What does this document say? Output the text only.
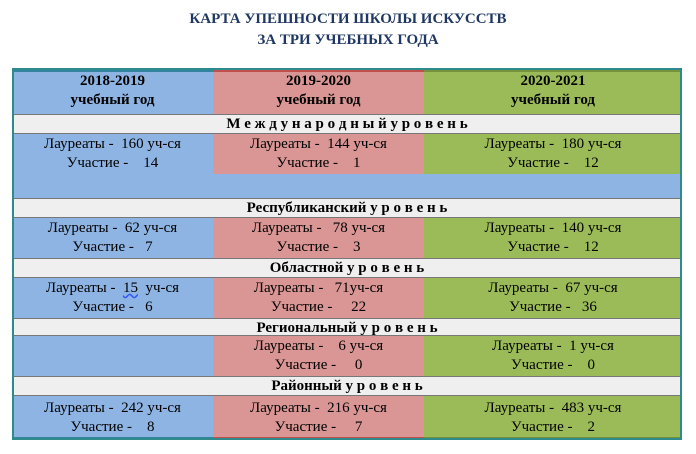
КАРТА УПЕШНОСТИ ШКОЛЫ ИСКУССТВ
ЗА ТРИ УЧЕБНЫХ ГОДА
2018-2019
учебный год
2019-2020
учебный год
2020-2021
учебный год
М е ж д у н а р о д н ы й у р о в е н ь
Лауреаты -  160 уч-ся
Участие -    14
Лауреаты -  144 уч-ся
Участие -    1
Лауреаты -  180 уч-ся
Участие -    12
Республиканский у р о в е н ь
Лауреаты -  62 уч-ся
Участие -   7
Лауреаты -   78 уч-ся
Участие -    3
Лауреаты -  140 уч-ся
Участие -    12
Областной у р о в е н ь
Лауреаты -  15  уч-ся
Участие -   6
Лауреаты -   71уч-ся
Участие -     22
Лауреаты -  67 уч-ся
Участие -   36
Региональный у р о в е н ь
Лауреаты -    6 уч-ся
Участие -     0
Лауреаты -  1 уч-ся
Участие -    0
Районный у р о в е н ь
Лауреаты -  242 уч-ся
Участие -    8
Лауреаты -  216 уч-ся
Участие -     7
Лауреаты -  483 уч-ся
Участие -    2
